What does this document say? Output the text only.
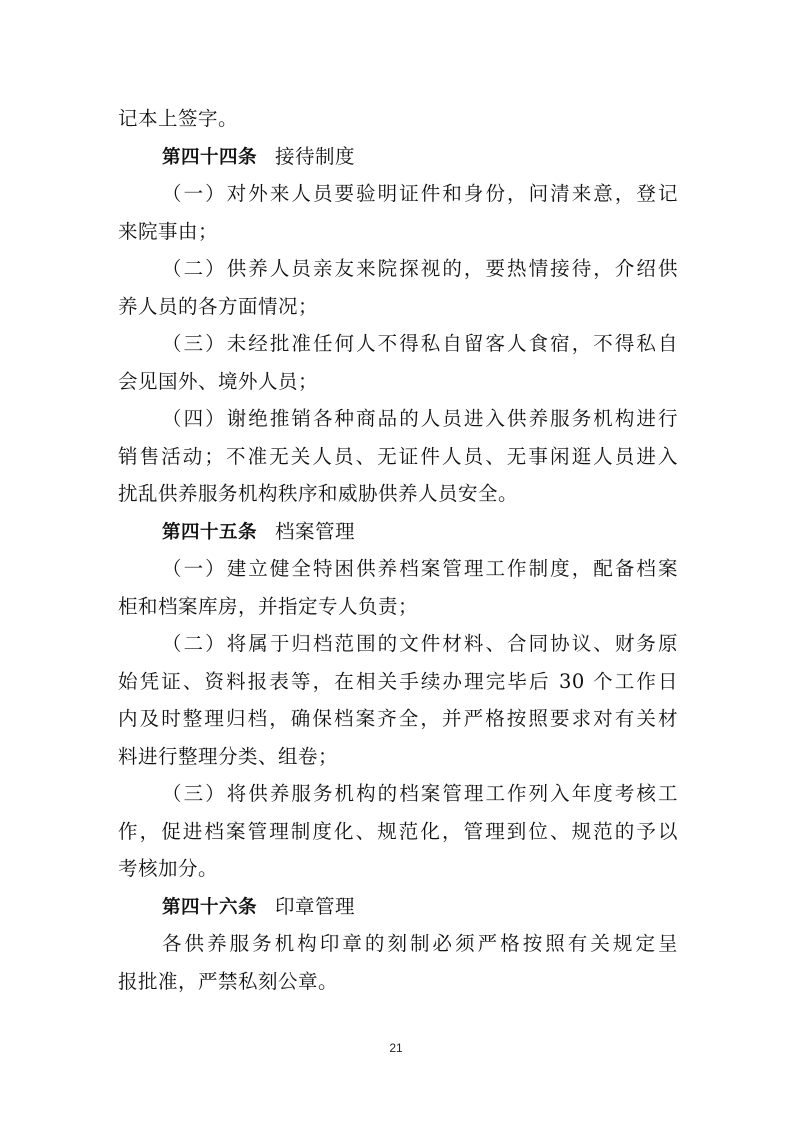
记本上签字。
第四十四条 接待制度
（一）对外来人员要验明证件和身份，问清来意，登记
来院事由；
（二）供养人员亲友来院探视的，要热情接待，介绍供
养人员的各方面情况；
（三）未经批准任何人不得私自留客人食宿，不得私自
会见国外、境外人员；
（四）谢绝推销各种商品的人员进入供养服务机构进行
销售活动；不准无关人员、无证件人员、无事闲逛人员进入
扰乱供养服务机构秩序和威胁供养人员安全。
第四十五条 档案管理
（一）建立健全特困供养档案管理工作制度，配备档案
柜和档案库房，并指定专人负责；
（二）将属于归档范围的文件材料、合同协议、财务原
始凭证、资料报表等，在相关手续办理完毕后 30 个工作日
内及时整理归档，确保档案齐全，并严格按照要求对有关材
料进行整理分类、组卷；
（三）将供养服务机构的档案管理工作列入年度考核工
作，促进档案管理制度化、规范化，管理到位、规范的予以
考核加分。
第四十六条 印章管理
各供养服务机构印章的刻制必须严格按照有关规定呈
报批准，严禁私刻公章。
21
